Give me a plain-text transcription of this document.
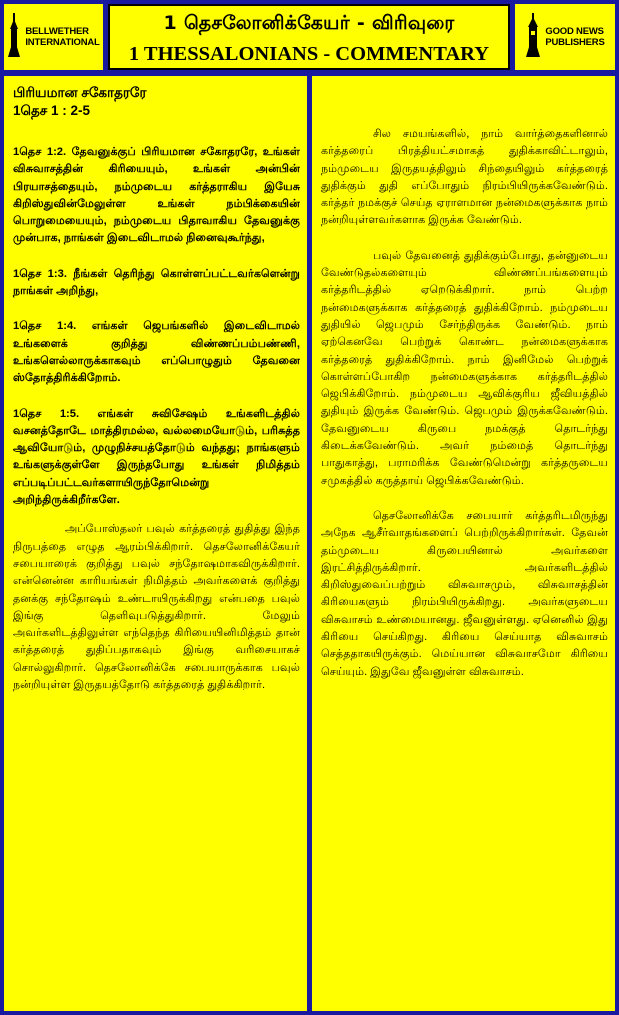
BELLWETHER
INTERNATIONAL
1 தெசலோனிக்கேயர் - விரிவுரை
1 THESSALONIANS - COMMENTARY
GOOD NEWS
PUBLISHERS
பிரியமான சகோதரரே
1தெச 1 : 2-5

1தெச 1:2. தேவனுக்குப் பிரியமான சகோதரரே, உங்கள் விசுவாசத்தின் கிரியையும், உங்கள் அன்பின் பிரயாசத்தையும், நம்முடைய கர்த்தராகிய இயேசு கிறிஸ்துவின்மேலுள்ள உங்கள் நம்பிக்கையின் பொறுமையையும், நம்முடைய பிதாவாகிய தேவனுக்கு முன்பாக, நாங்கள் இடைவிடாமல் நினைவுகூர்ந்து,

1தெச 1:3. நீங்கள் தெரிந்து கொள்ளப்பட்டவர்களென்று நாங்கள் அறிந்து,

1தெச 1:4. எங்கள் ஜெபங்களில் இடைவிடாமல் உங்களைக் குறித்து விண்ணப்பம்பண்ணி, உங்களெல்லாருக்காகவும் எப்பொழுதும் தேவனை ஸ்தோத்திரிக்கிறோம்.

1தெச 1:5. எங்கள் சுவிசேஷம் உங்களிடத்தில் வசனத்தோடே மாத்திரமல்ல, வல்லமையோடும், பரிசுத்த ஆவியோடும், முழுநிச்சயத்தோடும் வந்தது; நாங்களும் உங்களுக்குள்ளே இருந்தபோது உங்கள் நிமித்தம் எப்படிப்பட்டவர்களாயிருந்தோமென்று அறிந்திருக்கிறீர்களே.

அப்போஸ்தலர் பவுல் கர்த்தரைத் துதித்து இந்த நிருபத்தை எழுத ஆரம்பிக்கிறார். தெசலோனிக்கேயர் சபையாரைக் குறித்து பவுல் சந்தோஷமாகவிருக்கிறார். என்னென்ன காரியங்கள் நிமித்தம் அவர்களைக் குறித்து தனக்கு சந்தோஷம் உண்டாயிருக்கிறது என்பதை பவுல் இங்கு தெளிவுபடுத்துகிறார். மேலும் அவர்களிடத்திலுள்ள எந்தெந்த கிரியையினிமித்தம் தான் கர்த்தரைத் துதிப்பதாகவும் இங்கு வரிசையாகச் சொல்லுகிறார். தெசலோனிக்கே சபையாருக்காக பவுல் நன்றியுள்ள இருதயத்தோடு கர்த்தரைத் துதிக்கிறார்.

சில சமயங்களில், நாம் வார்த்தைகளினால் கர்த்தரைப் பிரத்தியட்சமாகத் துதிக்காவிட்டாலும், நம்முடைய இருதயத்திலும் சிந்தையிலும் கர்த்தரைத் துதிக்கும் துதி எப்போதும் நிரம்பியிருக்கவேண்டும். கர்த்தர் நமக்குச் செய்த ஏராளமான நன்மைகளுக்காக நாம் நன்றியுள்ளவர்களாக இருக்க வேண்டும்.

பவுல் தேவனைத் துதிக்கும்போது, தன்னுடைய வேண்டுதல்களையும் விண்ணப்பங்களையும் கர்த்தரிடத்தில் ஏறெடுக்கிறார். நாம் பெற்ற நன்மைகளுக்காக கர்த்தரைத் துதிக்கிறோம். நம்முடைய துதியில் ஜெபமும் சேர்ந்திருக்க வேண்டும். நாம் ஏற்கெனவே பெற்றுக் கொண்ட நன்மைகளுக்காக கர்த்தரைத் துதிக்கிறோம். நாம் இனிமேல் பெற்றுக் கொள்ளப்போகிற நன்மைகளுக்காக கர்த்தரிடத்தில் ஜெபிக்கிறோம். நம்முடைய ஆவிக்குரிய ஜீவியத்தில் துதியும் இருக்க வேண்டும். ஜெபமும் இருக்கவேண்டும். தேவனுடைய கிருபை நமக்குத் தொடர்ந்து கிடைக்கவேண்டும். அவர் நம்மைத் தொடர்ந்து பாதுகாத்து, பராமரிக்க வேண்டுமென்று கர்த்தருடைய சமுகத்தில் கருத்தாய் ஜெபிக்கவேண்டும்.

தெசலோனிக்கே சபையார் கர்த்தரிடமிருந்து அநேக ஆசீர்வாதங்களைப் பெற்றிருக்கிறார்கள். தேவன் தம்முடைய கிருபையினால் அவர்களை இரட்சித்திருக்கிறார். அவர்களிடத்தில் கிறிஸ்துவைப்பற்றும் விசுவாசமும், விசுவாசத்தின் கிரியைகளும் நிரம்பியிருக்கிறது. அவர்களுடைய விசுவாசம் உண்மையானது. ஜீவனுள்ளது. ஏனெனில் இது கிரியை செய்கிறது. கிரியை செய்யாத விசுவாசம் செத்ததாகயிருக்கும். மெய்யான விசுவாசமோ கிரியை செய்யும். இதுவே ஜீவனுள்ள விசுவாசம்.
